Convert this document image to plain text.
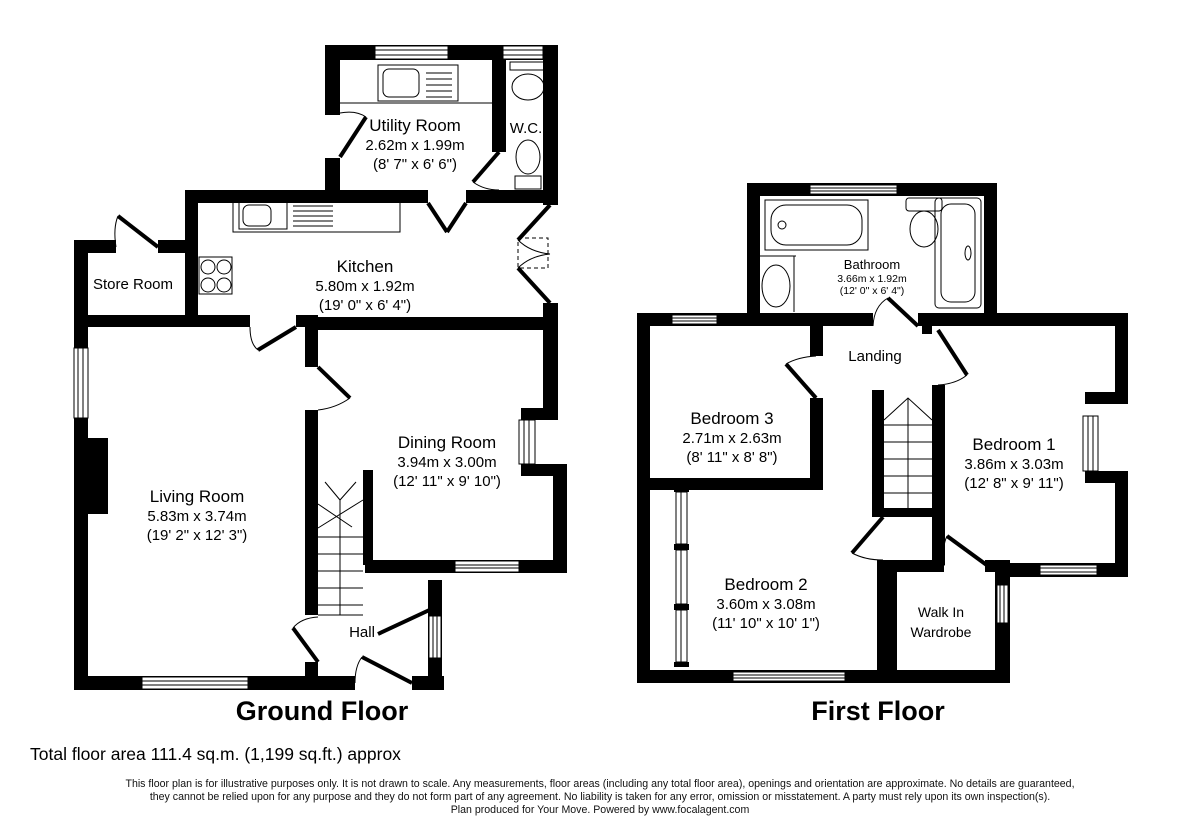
Utility Room
2.62m x 1.99m
(8' 7" x 6' 6")
W.C.
Kitchen
5.80m x 1.92m
(19' 0" x 6' 4")
Store Room
Dining Room
3.94m x 3.00m
(12' 11" x 9' 10")
Living Room
5.83m x 3.74m
(19' 2" x 12' 3")
Hall
Ground Floor
Bathroom
3.66m x 1.92m
(12' 0" x 6' 4")
Landing
Bedroom 3
2.71m x 2.63m
(8' 11" x 8' 8")
Bedroom 1
3.86m x 3.03m
(12' 8" x 9' 11")
Bedroom 2
3.60m x 3.08m
(11' 10" x 10' 1")
Walk In Wardrobe
First Floor
Total floor area 111.4 sq.m. (1,199 sq.ft.) approx
This floor plan is for illustrative purposes only. It is not drawn to scale. Any measurements, floor areas (including any total floor area), openings and orientation are approximate. No details are guaranteed,
they cannot be relied upon for any purpose and they do not form part of any agreement. No liability is taken for any error, omission or misstatement. A party must rely upon its own inspection(s).
Plan produced for Your Move. Powered by www.focalagent.com
